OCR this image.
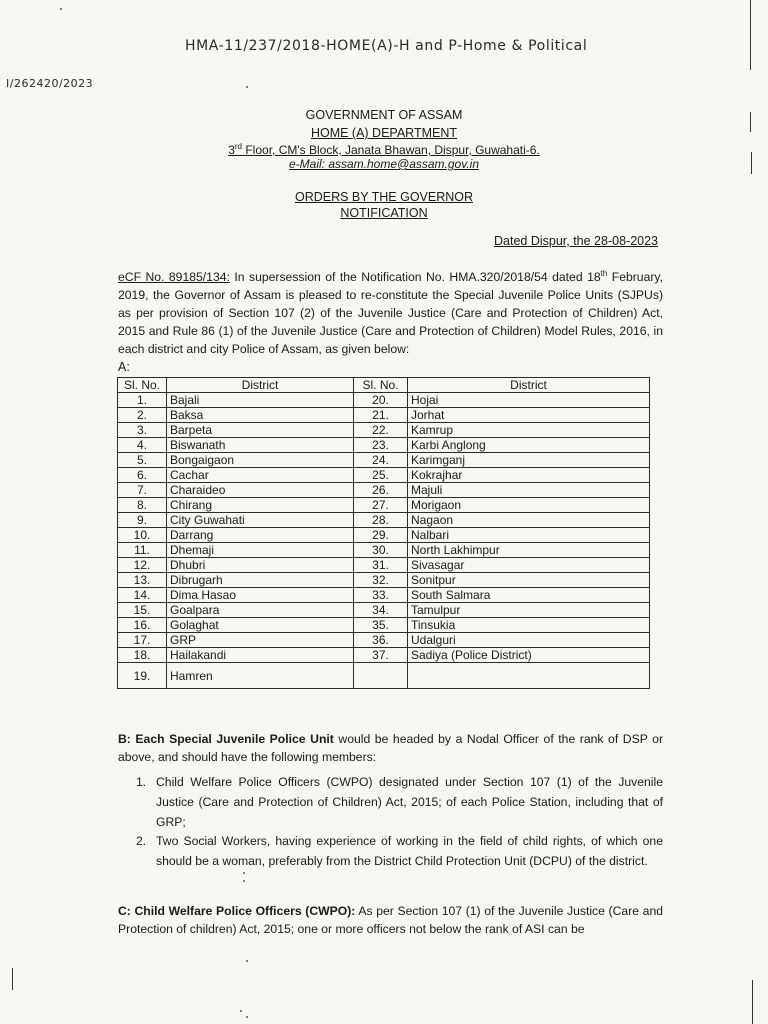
HMA-11/237/2018-HOME(A)-H and P-Home & Political
I/262420/2023
GOVERNMENT OF ASSAM
HOME (A) DEPARTMENT
3rd Floor, CM's Block, Janata Bhawan, Dispur, Guwahati-6.
e-Mail: assam.home@assam.gov.in
ORDERS BY THE GOVERNOR
NOTIFICATION
Dated Dispur, the 28-08-2023
eCF No. 89185/134: In supersession of the Notification No. HMA.320/2018/54 dated 18th February, 2019, the Governor of Assam is pleased to re-constitute the Special Juvenile Police Units (SJPUs) as per provision of Section 107 (2) of the Juvenile Justice (Care and Protection of Children) Act, 2015 and Rule 86 (1) of the Juvenile Justice (Care and Protection of Children) Model Rules, 2016, in each district and city Police of Assam, as given below:
A:
Sl. No.	District	Sl. No.	District
1.	Bajali	20.	Hojai
2.	Baksa	21.	Jorhat
3.	Barpeta	22.	Kamrup
4.	Biswanath	23.	Karbi Anglong
5.	Bongaigaon	24.	Karimganj
6.	Cachar	25.	Kokrajhar
7.	Charaideo	26.	Majuli
8.	Chirang	27.	Morigaon
9.	City Guwahati	28.	Nagaon
10.	Darrang	29.	Nalbari
11.	Dhemaji	30.	North Lakhimpur
12.	Dhubri	31.	Sivasagar
13.	Dibrugarh	32.	Sonitpur
14.	Dima Hasao	33.	South Salmara
15.	Goalpara	34.	Tamulpur
16.	Golaghat	35.	Tinsukia
17.	GRP	36.	Udalguri
18.	Hailakandi	37.	Sadiya (Police District)
19.	Hamren		
B: Each Special Juvenile Police Unit would be headed by a Nodal Officer of the rank of DSP or above, and should have the following members:
1. Child Welfare Police Officers (CWPO) designated under Section 107 (1) of the Juvenile Justice (Care and Protection of Children) Act, 2015; of each Police Station, including that of GRP;
2. Two Social Workers, having experience of working in the field of child rights, of which one should be a woman, preferably from the District Child Protection Unit (DCPU) of the district.
C: Child Welfare Police Officers (CWPO): As per Section 107 (1) of the Juvenile Justice (Care and Protection of children) Act, 2015; one or more officers not below the rank of ASI can be
